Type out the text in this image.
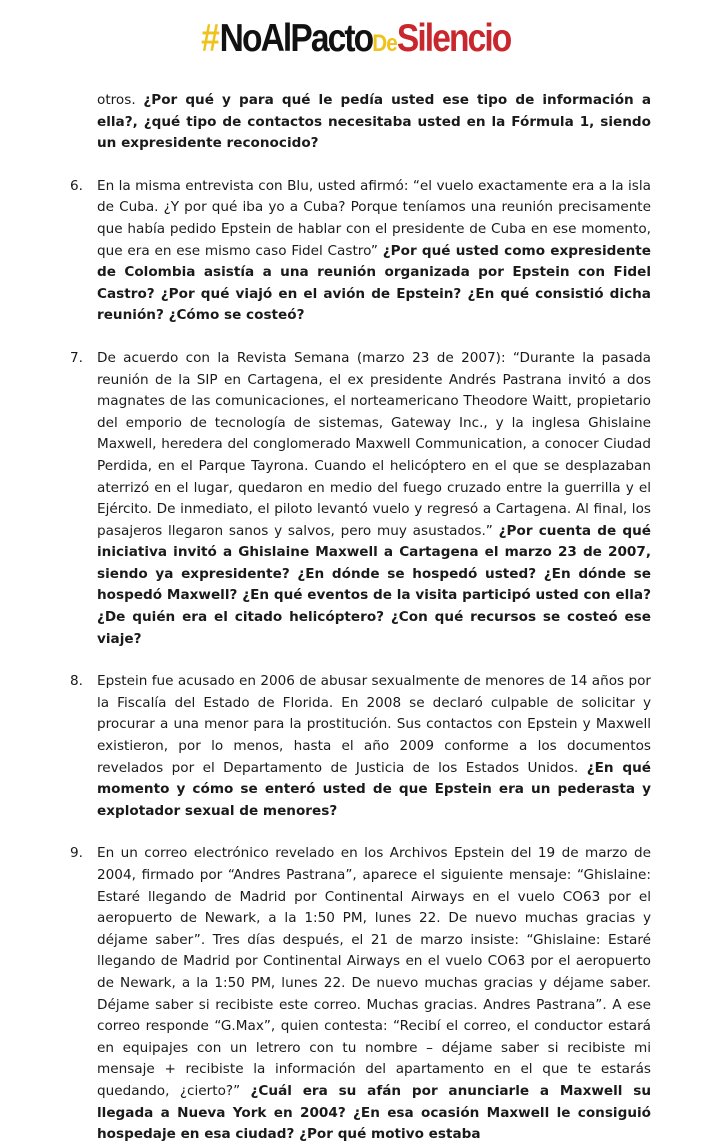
#NoAlPactoDeSilencio

otros. ¿Por qué y para qué le pedía usted ese tipo de información a ella?, ¿qué tipo de contactos necesitaba usted en la Fórmula 1, siendo un expresidente reconocido?

6. En la misma entrevista con Blu, usted afirmó: “el vuelo exactamente era a la isla de Cuba. ¿Y por qué iba yo a Cuba? Porque teníamos una reunión precisamente que había pedido Epstein de hablar con el presidente de Cuba en ese momento, que era en ese mismo caso Fidel Castro” ¿Por qué usted como expresidente de Colombia asistía a una reunión organizada por Epstein con Fidel Castro? ¿Por qué viajó en el avión de Epstein? ¿En qué consistió dicha reunión? ¿Cómo se costeó?

7. De acuerdo con la Revista Semana (marzo 23 de 2007): “Durante la pasada reunión de la SIP en Cartagena, el ex presidente Andrés Pastrana invitó a dos magnates de las comunicaciones, el norteamericano Theodore Waitt, propietario del emporio de tecnología de sistemas, Gateway Inc., y la inglesa Ghislaine Maxwell, heredera del conglomerado Maxwell Communication, a conocer Ciudad Perdida, en el Parque Tayrona. Cuando el helicóptero en el que se desplazaban aterrizó en el lugar, quedaron en medio del fuego cruzado entre la guerrilla y el Ejército. De inmediato, el piloto levantó vuelo y regresó a Cartagena. Al final, los pasajeros llegaron sanos y salvos, pero muy asustados.” ¿Por cuenta de qué iniciativa invitó a Ghislaine Maxwell a Cartagena el marzo 23 de 2007, siendo ya expresidente? ¿En dónde se hospedó usted? ¿En dónde se hospedó Maxwell? ¿En qué eventos de la visita participó usted con ella? ¿De quién era el citado helicóptero? ¿Con qué recursos se costeó ese viaje?

8. Epstein fue acusado en 2006 de abusar sexualmente de menores de 14 años por la Fiscalía del Estado de Florida. En 2008 se declaró culpable de solicitar y procurar a una menor para la prostitución. Sus contactos con Epstein y Maxwell existieron, por lo menos, hasta el año 2009 conforme a los documentos revelados por el Departamento de Justicia de los Estados Unidos. ¿En qué momento y cómo se enteró usted de que Epstein era un pederasta y explotador sexual de menores?

9. En un correo electrónico revelado en los Archivos Epstein del 19 de marzo de 2004, firmado por “Andres Pastrana”, aparece el siguiente mensaje: “Ghislaine: Estaré llegando de Madrid por Continental Airways en el vuelo CO63 por el aeropuerto de Newark, a la 1:50 PM, lunes 22. De nuevo muchas gracias y déjame saber”. Tres días después, el 21 de marzo insiste: “Ghislaine: Estaré llegando de Madrid por Continental Airways en el vuelo CO63 por el aeropuerto de Newark, a la 1:50 PM, lunes 22. De nuevo muchas gracias y déjame saber. Déjame saber si recibiste este correo. Muchas gracias. Andres Pastrana”. A ese correo responde “G.Max”, quien contesta: “Recibí el correo, el conductor estará en equipajes con un letrero con tu nombre – déjame saber si recibiste mi mensaje + recibiste la información del apartamento en el que te estarás quedando, ¿cierto?” ¿Cuál era su afán por anunciarle a Maxwell su llegada a Nueva York en 2004? ¿En esa ocasión Maxwell le consiguió hospedaje en esa ciudad? ¿Por qué motivo estaba
